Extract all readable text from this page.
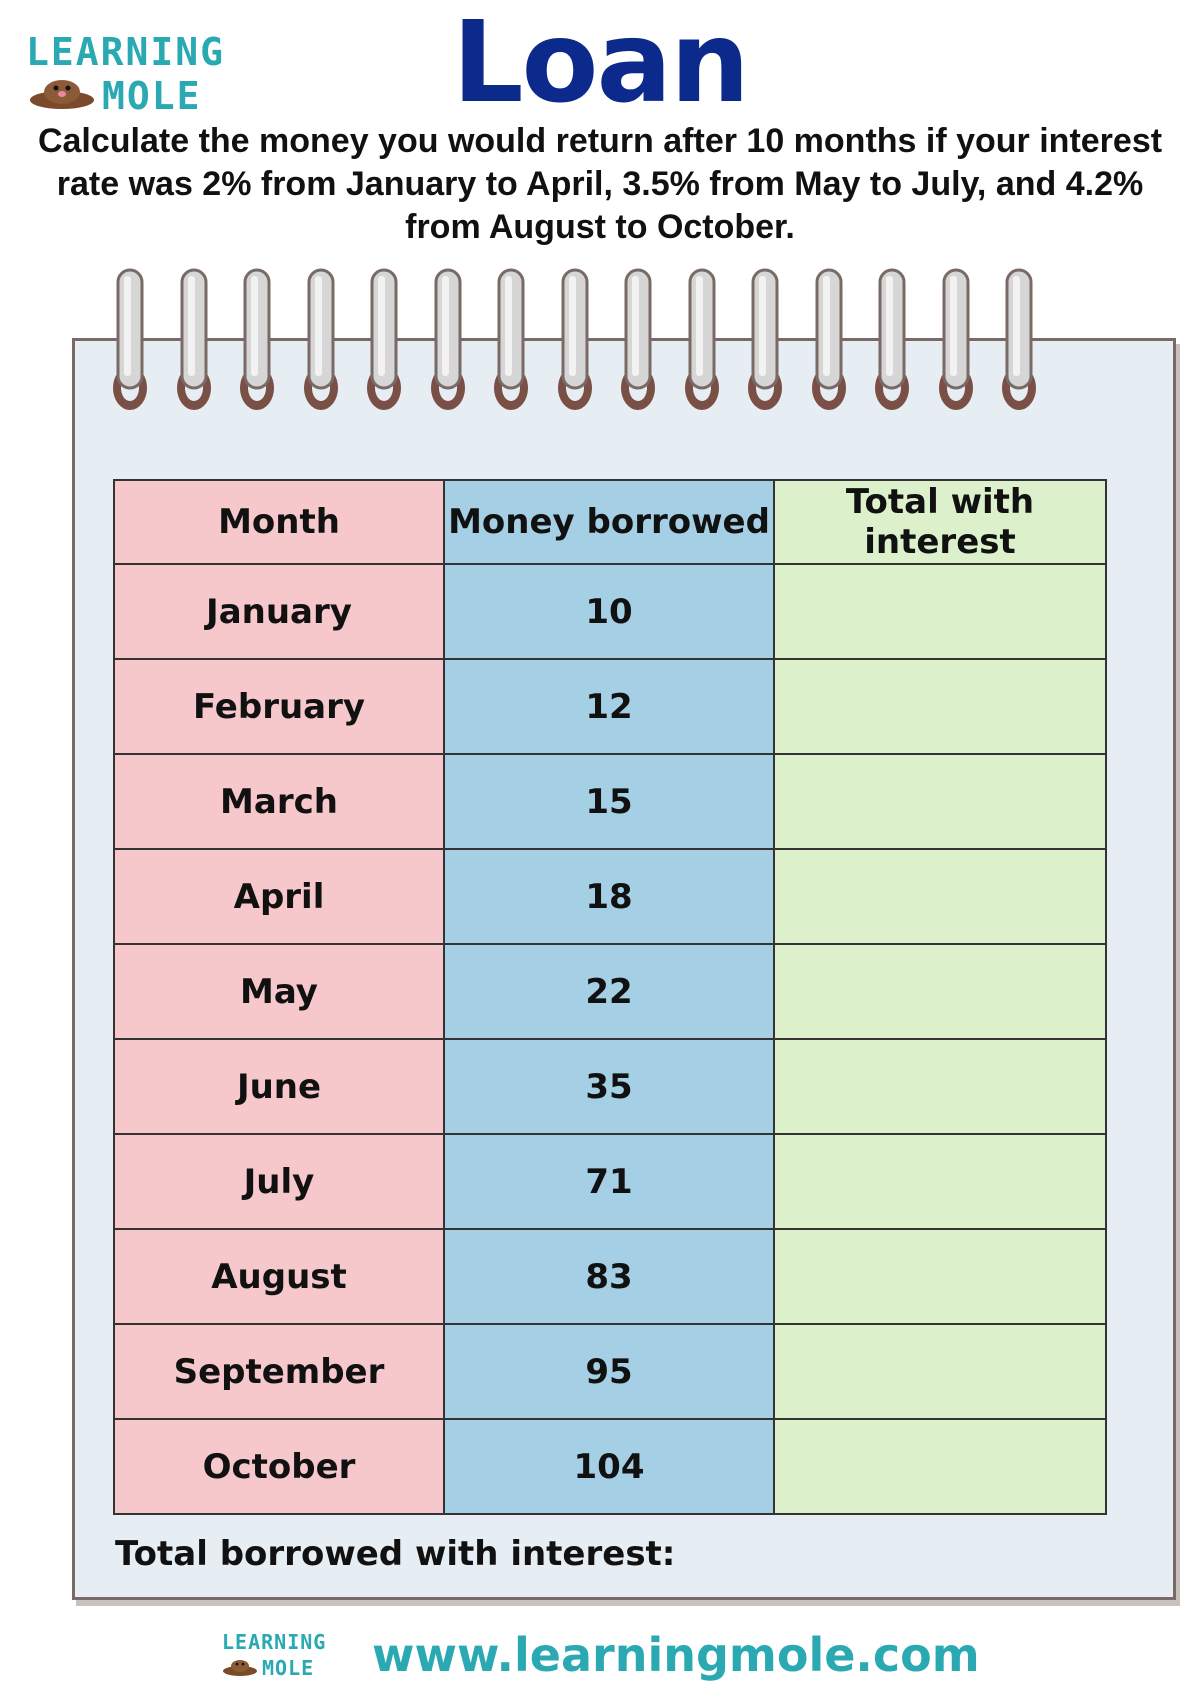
LEARNING
MOLE	Loan
Calculate the money you would return after 10 months if your interest rate was 2% from January to April, 3.5% from May to July, and 4.2% from August to October.
Month	Money borrowed	Total with interest
January	10	
February	12	
March	15	
April	18	
May	22	
June	35	
July	71	
August	83	
September	95	
October	104	
Total borrowed with interest:
LEARNING
MOLE www.learningmole.com
